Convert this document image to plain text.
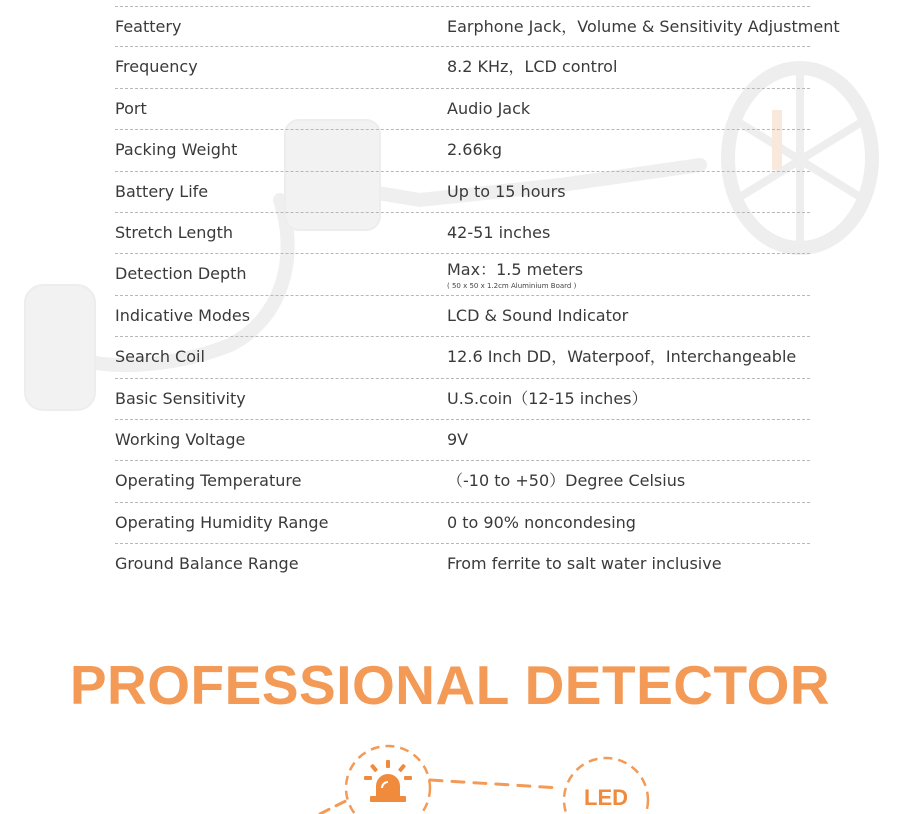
Feattery	Earphone Jack，Volume & Sensitivity Adjustment
Frequency	8.2 KHz，LCD control
Port	Audio Jack
Packing Weight	2.66kg
Battery Life	Up to 15 hours
Stretch Length	42-51 inches
Detection Depth	Max：1.5 meters
( 50 x 50 x 1.2cm Aluminium Board )
Indicative Modes	LCD & Sound Indicator
Search Coil	12.6 Inch DD，Waterpoof，Interchangeable
Basic Sensitivity	U.S.coin（12-15 inches）
Working Voltage	9V
Operating Temperature	（-10 to +50）Degree Celsius
Operating Humidity Range	0 to 90% noncondesing
Ground Balance Range	From ferrite to salt water inclusive
PROFESSIONAL DETECTOR
LED
